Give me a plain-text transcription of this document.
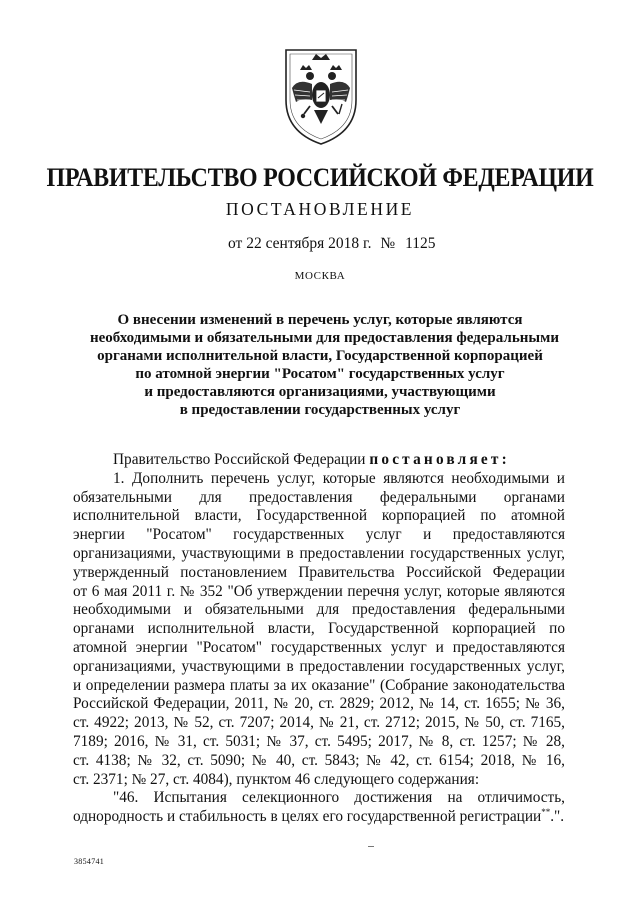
ПРАВИТЕЛЬСТВО РОССИЙСКОЙ ФЕДЕРАЦИИ
ПОСТАНОВЛЕНИЕ
от 22 сентября 2018 г. № 1125
МОСКВА
О внесении изменений в перечень услуг, которые являются
необходимыми и обязательными для предоставления федеральными
органами исполнительной власти, Государственной корпорацией
по атомной энергии "Росатом" государственных услуг
и предоставляются организациями, участвующими
в предоставлении государственных услуг
Правительство Российской Федерации постановляет:
1. Дополнить перечень услуг, которые являются необходимыми и
обязательными для предоставления федеральными органами
исполнительной власти, Государственной корпорацией по атомной
энергии "Росатом" государственных услуг и предоставляются
организациями, участвующими в предоставлении государственных услуг,
утвержденный постановлением Правительства Российской Федерации
от 6 мая 2011 г. № 352 "Об утверждении перечня услуг, которые являются
необходимыми и обязательными для предоставления федеральными
органами исполнительной власти, Государственной корпорацией по
атомной энергии "Росатом" государственных услуг и предоставляются
организациями, участвующими в предоставлении государственных услуг,
и определении размера платы за их оказание" (Собрание законодательства
Российской Федерации, 2011, № 20, ст. 2829; 2012, № 14, ст. 1655; № 36,
ст. 4922; 2013, № 52, ст. 7207; 2014, № 21, ст. 2712; 2015, № 50, ст. 7165,
7189; 2016, № 31, ст. 5031; № 37, ст. 5495; 2017, № 8, ст. 1257; № 28,
ст. 4138; № 32, ст. 5090; № 40, ст. 5843; № 42, ст. 6154; 2018, № 16,
ст. 2371; № 27, ст. 4084), пунктом 46 следующего содержания:
"46. Испытания селекционного достижения на отличимость,
однородность и стабильность в целях его государственной регистрации**.".
3854741
